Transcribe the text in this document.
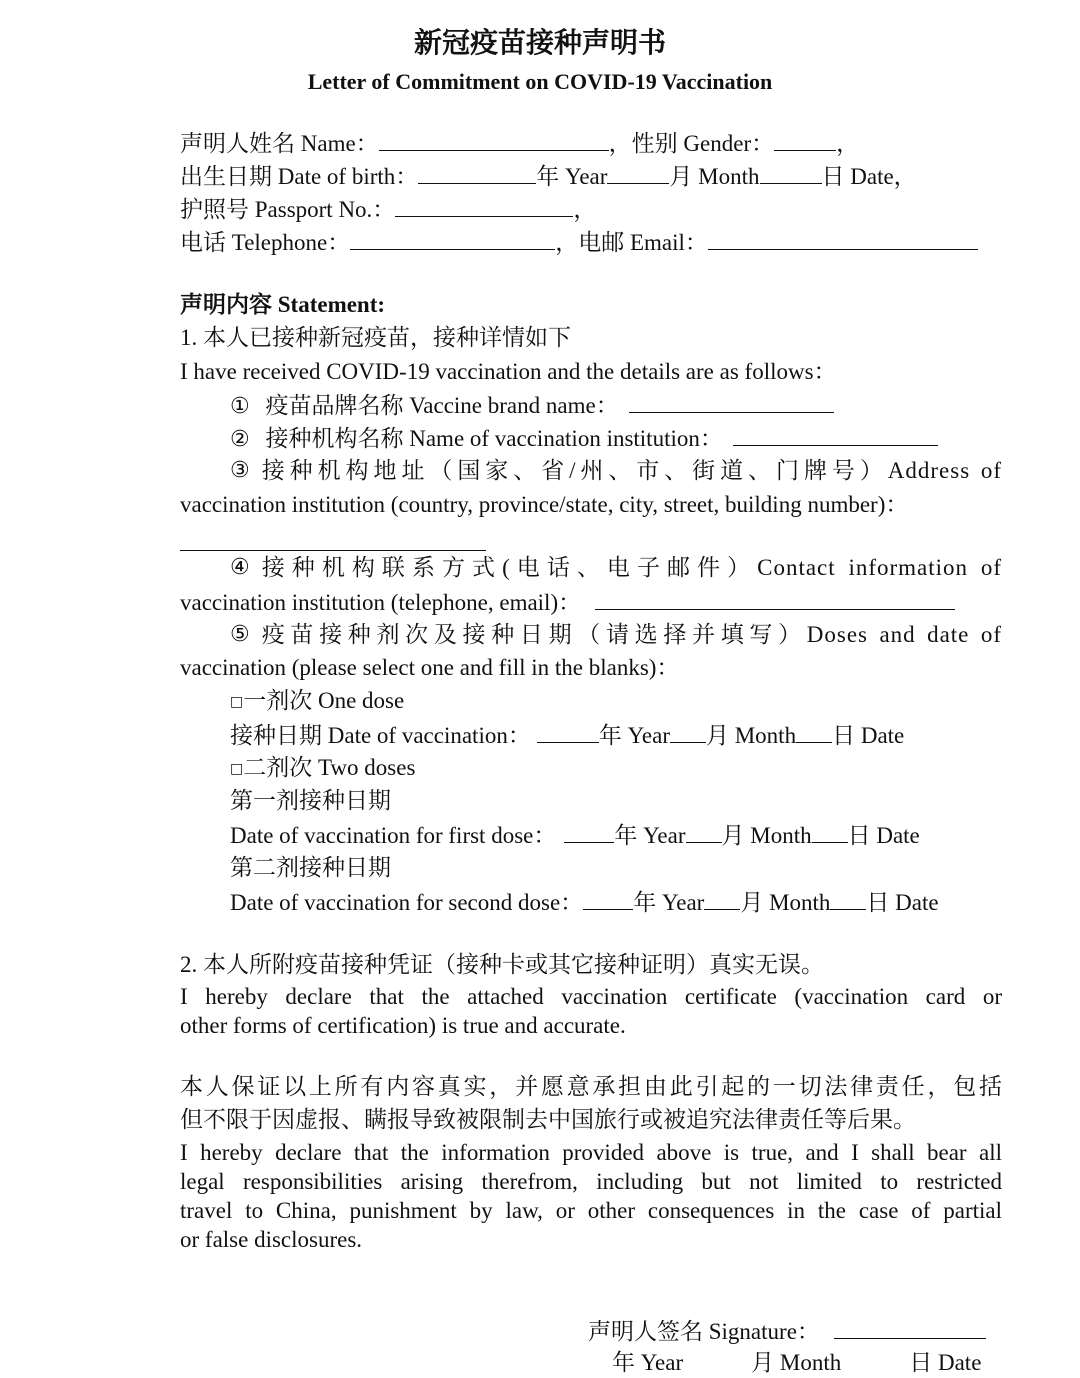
新冠疫苗接种声明书
Letter of Commitment on COVID-19 Vaccination
声明人姓名 Name：	，性别 Gender：	，
出生日期 Date of birth：	年 Year	月 Month	日 Date，
护照号 Passport No.：	，
电话 Telephone：	，电邮 Email：
声明内容 Statement:
1. 本人已接种新冠疫苗，接种详情如下
I have received COVID-19 vaccination and the details are as follows：
① 疫苗品牌名称 Vaccine brand name：
② 接种机构名称 Name of vaccination institution：
③ 接种机构地址（国家、省/州、市、街道、门牌号）Address of
vaccination institution (country, province/state, city, street, building number)：
④ 接种机构联系方式(电话、电子邮件）Contact information of
vaccination institution (telephone, email)：
⑤ 疫苗接种剂次及接种日期（请选择并填写）Doses and date of
vaccination (please select one and fill in the blanks)：
□一剂次 One dose
接种日期 Date of vaccination：	年 Year 月 Month 日 Date
□二剂次 Two doses
第一剂接种日期
Date of vaccination for first dose：	年 Year 月 Month 日 Date
第二剂接种日期
Date of vaccination for second dose： 年 Year 月 Month 日 Date
2. 本人所附疫苗接种凭证（接种卡或其它接种证明）真实无误。
I hereby declare that the attached vaccination certificate (vaccination card or
other forms of certification) is true and accurate.
本人保证以上所有内容真实，并愿意承担由此引起的一切法律责任，包括
但不限于因虚报、瞒报导致被限制去中国旅行或被追究法律责任等后果。
I hereby declare that the information provided above is true, and I shall bear all
legal responsibilities arising therefrom, including but not limited to restricted
travel to China, punishment by law, or other consequences in the case of partial
or false disclosures.
声明人签名 Signature：
年 Year	月 Month	日 Date
